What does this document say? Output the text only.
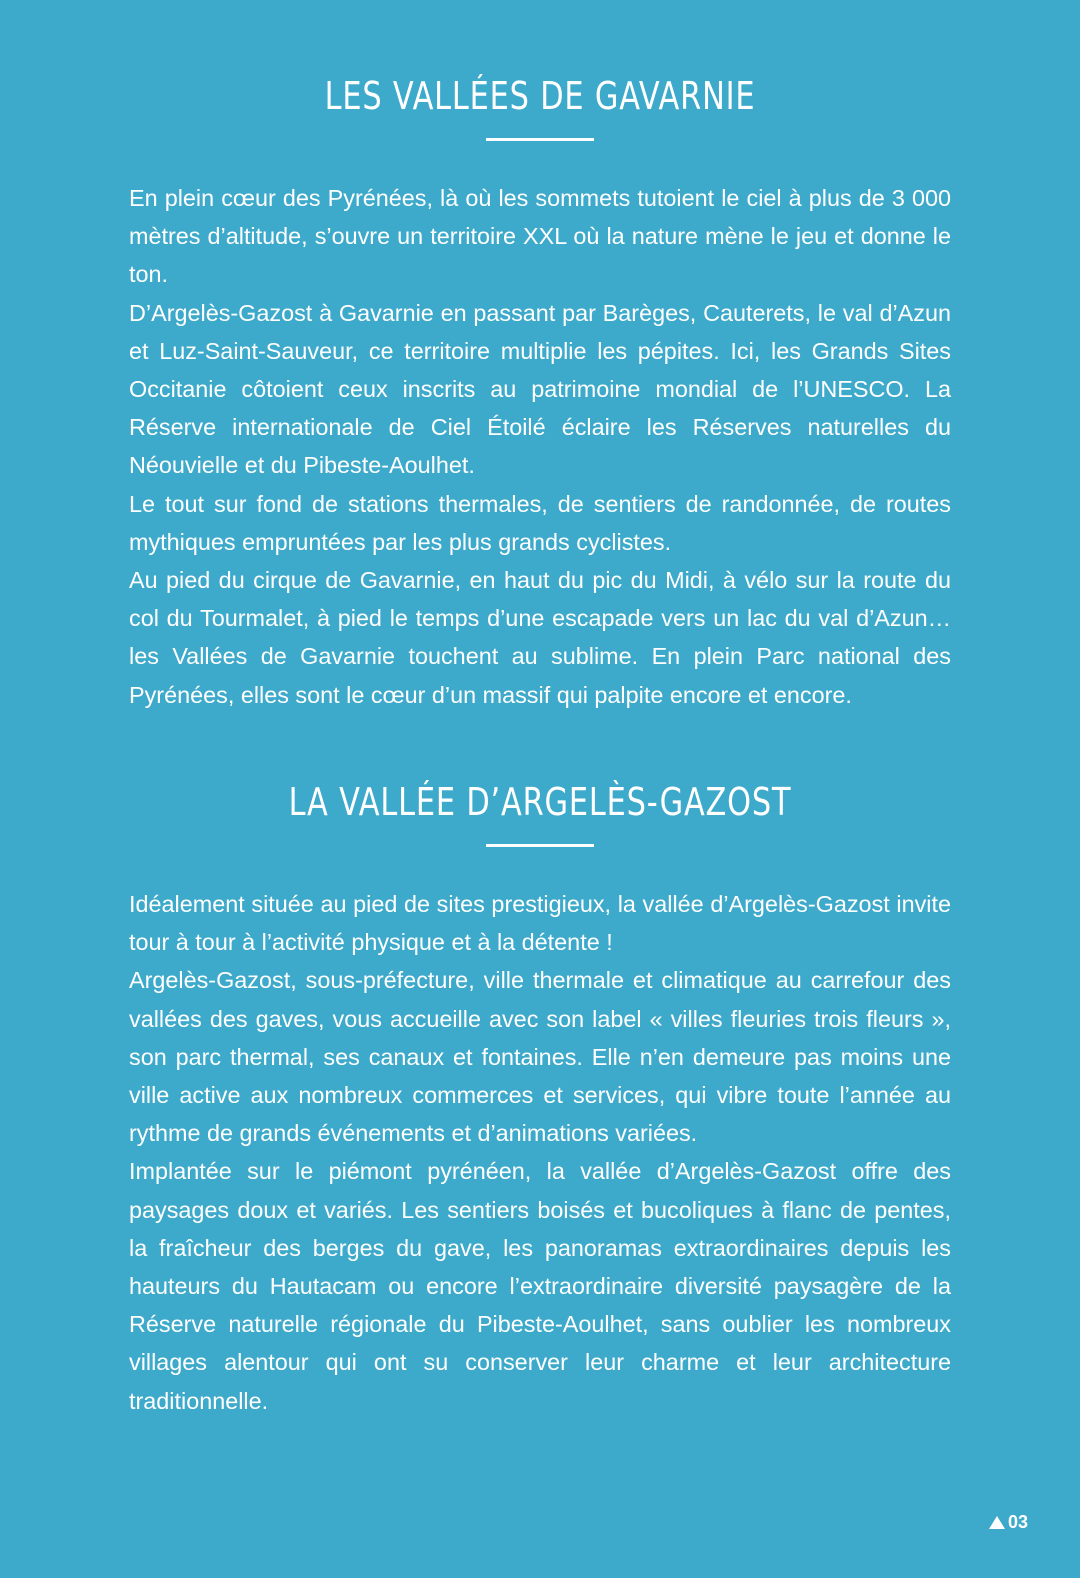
LES VALLÉES DE GAVARNIE

En plein cœur des Pyrénées, là où les sommets tutoient le ciel à plus de 3 000 mètres d’altitude, s’ouvre un territoire XXL où la nature mène le jeu et donne le ton.

D’Argelès-Gazost à Gavarnie en passant par Barèges, Cauterets, le val d’Azun et Luz-Saint-Sauveur, ce territoire multiplie les pépites. Ici, les Grands Sites Occitanie côtoient ceux inscrits au patrimoine mondial de l’UNESCO. La Réserve internationale de Ciel Étoilé éclaire les Réserves naturelles du Néouvielle et du Pibeste-Aoulhet.

Le tout sur fond de stations thermales, de sentiers de randonnée, de routes mythiques empruntées par les plus grands cyclistes.

Au pied du cirque de Gavarnie, en haut du pic du Midi, à vélo sur la route du col du Tourmalet, à pied le temps d’une escapade vers un lac du val d’Azun… les Vallées de Gavarnie touchent au sublime. En plein Parc national des Pyrénées, elles sont le cœur d’un massif qui palpite encore et encore.

LA VALLÉE D’ARGELÈS-GAZOST

Idéalement située au pied de sites prestigieux, la vallée d’Argelès-Gazost invite tour à tour à l’activité physique et à la détente !

Argelès-Gazost, sous-préfecture, ville thermale et climatique au carrefour des vallées des gaves, vous accueille avec son label « villes fleuries trois fleurs », son parc thermal, ses canaux et fontaines. Elle n’en demeure pas moins une ville active aux nombreux commerces et services, qui vibre toute l’année au rythme de grands événements et d’animations variées.

Implantée sur le piémont pyrénéen, la vallée d’Argelès-Gazost offre des paysages doux et variés. Les sentiers boisés et bucoliques à flanc de pentes, la fraîcheur des berges du gave, les panoramas extraordinaires depuis les hauteurs du Hautacam ou encore l’extraordinaire diversité paysagère de la Réserve naturelle régionale du Pibeste-Aoulhet, sans oublier les nombreux villages alentour qui ont su conserver leur charme et leur architecture traditionnelle.

03
